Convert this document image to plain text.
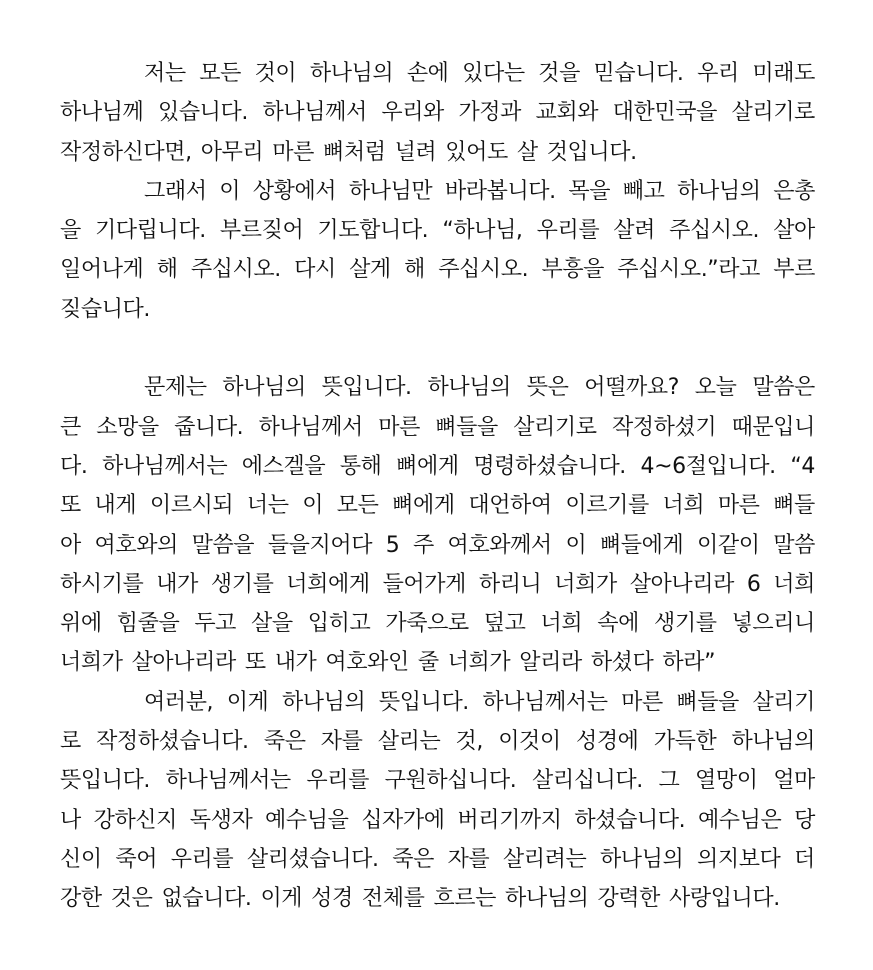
저는 모든 것이 하나님의 손에 있다는 것을 믿습니다. 우리 미래도
하나님께 있습니다. 하나님께서 우리와 가정과 교회와 대한민국을 살리기로
작정하신다면, 아무리 마른 뼈처럼 널려 있어도 살 것입니다.
그래서 이 상황에서 하나님만 바라봅니다. 목을 빼고 하나님의 은총
을 기다립니다. 부르짖어 기도합니다. “하나님, 우리를 살려 주십시오. 살아
일어나게 해 주십시오. 다시 살게 해 주십시오. 부흥을 주십시오.”라고 부르
짖습니다.
문제는 하나님의 뜻입니다. 하나님의 뜻은 어떨까요? 오늘 말씀은
큰 소망을 줍니다. 하나님께서 마른 뼈들을 살리기로 작정하셨기 때문입니
다. 하나님께서는 에스겔을 통해 뼈에게 명령하셨습니다. 4~6절입니다. “4
또 내게 이르시되 너는 이 모든 뼈에게 대언하여 이르기를 너희 마른 뼈들
아 여호와의 말씀을 들을지어다 5 주 여호와께서 이 뼈들에게 이같이 말씀
하시기를 내가 생기를 너희에게 들어가게 하리니 너희가 살아나리라 6 너희
위에 힘줄을 두고 살을 입히고 가죽으로 덮고 너희 속에 생기를 넣으리니
너희가 살아나리라 또 내가 여호와인 줄 너희가 알리라 하셨다 하라”
여러분, 이게 하나님의 뜻입니다. 하나님께서는 마른 뼈들을 살리기
로 작정하셨습니다. 죽은 자를 살리는 것, 이것이 성경에 가득한 하나님의
뜻입니다. 하나님께서는 우리를 구원하십니다. 살리십니다. 그 열망이 얼마
나 강하신지 독생자 예수님을 십자가에 버리기까지 하셨습니다. 예수님은 당
신이 죽어 우리를 살리셨습니다. 죽은 자를 살리려는 하나님의 의지보다 더
강한 것은 없습니다. 이게 성경 전체를 흐르는 하나님의 강력한 사랑입니다.
